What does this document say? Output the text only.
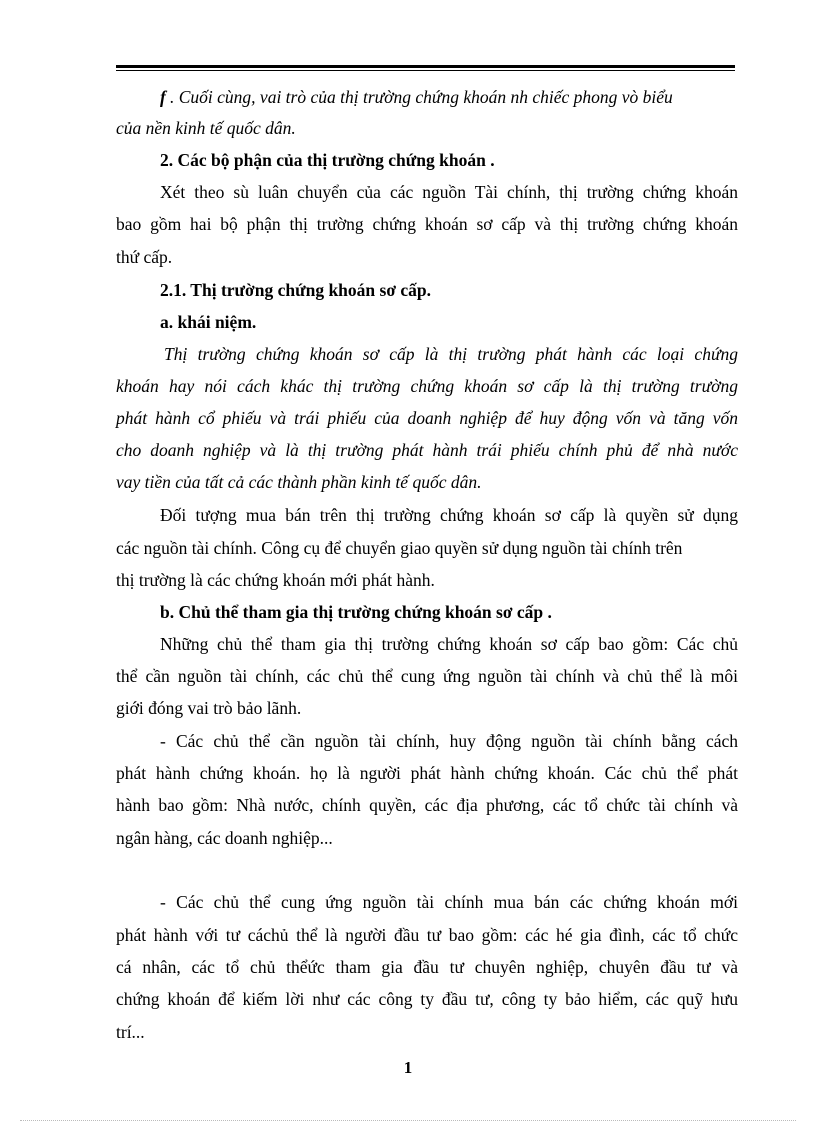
f . Cuối cùng, vai trò của thị trường chứng khoán nh chiếc phong vò biểu
của nền kinh tế quốc dân.
2. Các bộ phận của thị trường chứng khoán .
Xét theo sù luân chuyển của các nguồn Tài chính, thị trường chứng khoán
bao gồm hai bộ phận thị trường chứng khoán sơ cấp và thị trường chứng khoán
thứ cấp.
2.1. Thị trường chứng khoán sơ cấp.
a. khái niệm.
Thị trường chứng khoán sơ cấp là thị trường phát hành các loại chứng
khoán hay nói cách khác thị trường chứng khoán sơ cấp là thị trường trường
phát hành cổ phiếu và trái phiếu của doanh nghiệp để huy động vốn và tăng vốn
cho doanh nghiệp và là thị trường phát hành trái phiếu chính phủ để nhà nước
vay tiền của tất cả các thành phần kinh tế quốc dân.
Đối tượng mua bán trên thị trường chứng khoán sơ cấp là quyền sử dụng
các nguồn tài chính. Công cụ để chuyển giao quyền sử dụng nguồn tài chính trên
thị trường là các chứng khoán mới phát hành.
b. Chủ thể tham gia thị trường chứng khoán sơ cấp .
Những chủ thể tham gia thị trường chứng khoán sơ cấp bao gồm: Các chủ
thể cần nguồn tài chính, các chủ thể cung ứng nguồn tài chính và chủ thể là môi
giới đóng vai trò bảo lãnh.
- Các chủ thể cần nguồn tài chính, huy động nguồn tài chính bằng cách
phát hành chứng khoán. họ là người phát hành chứng khoán. Các chủ thể phát
hành bao gồm: Nhà nước, chính quyền, các địa phương, các tổ chức tài chính và
ngân hàng, các doanh nghiệp...
- Các chủ thể cung ứng nguồn tài chính mua bán các chứng khoán mới
phát hành với tư cáchủ thể là người đầu tư bao gồm: các hé gia đình, các tổ chức
cá nhân, các tổ chủ thểức tham gia đầu tư chuyên nghiệp, chuyên đầu tư và
chứng khoán để kiếm lời như các công ty đầu tư, công ty bảo hiểm, các quỹ hưu
trí...
1
